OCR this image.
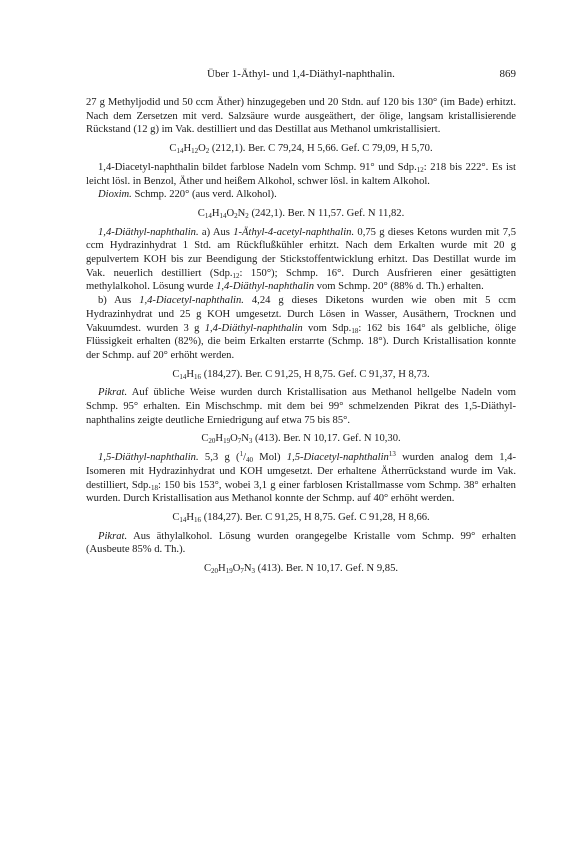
Über 1-Äthyl- und 1,4-Diäthyl-naphthalin.	869

27 g Methyljodid und 50 ccm Äther) hinzugegeben und 20 Stdn. auf 120 bis 130° (im Bade) erhitzt. Nach dem Zersetzen mit verd. Salzsäure wurde ausgeäthert, der ölige, langsam kristallisierende Rückstand (12 g) im Vak. destilliert und das Destillat aus Methanol umkristallisiert.

$C_{14}H_{12}O_2$ (212,1). Ber. C 79,24, H 5,66. Gef. C 79,09, H 5,70.

1,4-Diacetyl-naphthalin bildet farblose Nadeln vom Schmp. 91° und $Sdp._{12}$: 218 bis 222°. Es ist leicht lösl. in Benzol, Äther und heißem Alkohol, schwer lösl. in kaltem Alkohol.

Dioxim. Schmp. 220° (aus verd. Alkohol).

$C_{14}H_{14}O_2N_2$ (242,1). Ber. N 11,57. Gef. N 11,82.

1,4-Diäthyl-naphthalin. a) Aus 1-Äthyl-4-acetyl-naphthalin. 0,75 g dieses Ketons wurden mit 7,5 ccm Hydrazinhydrat 1 Std. am Rückflußkühler erhitzt. Nach dem Erkalten wurde mit 20 g gepulvertem KOH bis zur Beendigung der Stickstoffentwicklung erhitzt. Das Destillat wurde im Vak. neuerlich destilliert ($Sdp._{12}$: 150°); Schmp. 16°. Durch Ausfrieren einer gesättigten methylalkohol. Lösung wurde 1,4-Diäthyl-naphthalin vom Schmp. 20° (88% d. Th.) erhalten.

b) Aus 1,4-Diacetyl-naphthalin. 4,24 g dieses Diketons wurden wie oben mit 5 ccm Hydrazinhydrat und 25 g KOH umgesetzt. Durch Lösen in Wasser, Ausäthern, Trocknen und Vakuumdest. wurden 3 g 1,4-Diäthyl-naphthalin vom $Sdp._{18}$: 162 bis 164° als gelbliche, ölige Flüssigkeit erhalten (82%), die beim Erkalten erstarrte (Schmp. 18°). Durch Kristallisation konnte der Schmp. auf 20° erhöht werden.

$C_{14}H_{16}$ (184,27). Ber. C 91,25, H 8,75. Gef. C 91,37, H 8,73.

Pikrat. Auf übliche Weise wurden durch Kristallisation aus Methanol hellgelbe Nadeln vom Schmp. 95° erhalten. Ein Mischschmp. mit dem bei 99° schmelzenden Pikrat des 1,5-Diäthyl-naphthalins zeigte deutliche Erniedrigung auf etwa 75 bis 85°.

$C_{20}H_{19}O_7N_3$ (413). Ber. N 10,17. Gef. N 10,30.

1,5-Diäthyl-naphthalin. 5,3 g ($^1/_{40}$ Mol) 1,5-Diacetyl-naphthalin$^{13}$ wurden analog dem 1,4-Isomeren mit Hydrazinhydrat und KOH umgesetzt. Der erhaltene Ätherrückstand wurde im Vak. destilliert, $Sdp._{18}$: 150 bis 153°, wobei 3,1 g einer farblosen Kristallmasse vom Schmp. 38° erhalten wurden. Durch Kristallisation aus Methanol konnte der Schmp. auf 40° erhöht werden.

$C_{14}H_{16}$ (184,27). Ber. C 91,25, H 8,75. Gef. C 91,28, H 8,66.

Pikrat. Aus äthylalkohol. Lösung wurden orangegelbe Kristalle vom Schmp. 99° erhalten (Ausbeute 85% d. Th.).

$C_{20}H_{19}O_7N_3$ (413). Ber. N 10,17. Gef. N 9,85.
